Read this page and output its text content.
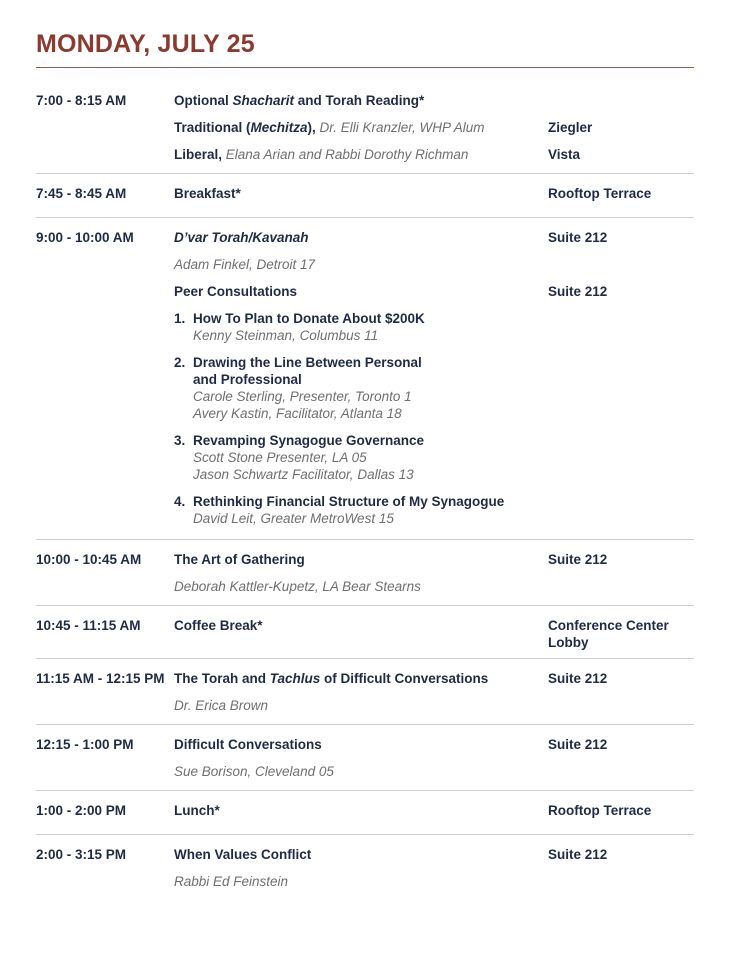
MONDAY, JULY 25
7:00 - 8:15 AM	Optional Shacharit and Torah Reading*
Traditional (Mechitza), Dr. Elli Kranzler, WHP Alum	Ziegler
Liberal, Elana Arian and Rabbi Dorothy Richman	Vista
7:45 - 8:45 AM	Breakfast*	Rooftop Terrace
9:00 - 10:00 AM	D’var Torah/Kavanah	Suite 212
Adam Finkel, Detroit 17
Peer Consultations	Suite 212
1. How To Plan to Donate About $200K
Kenny Steinman, Columbus 11
2. Drawing the Line Between Personal
and Professional
Carole Sterling, Presenter, Toronto 1
Avery Kastin, Facilitator, Atlanta 18
3. Revamping Synagogue Governance
Scott Stone Presenter, LA 05
Jason Schwartz Facilitator, Dallas 13
4. Rethinking Financial Structure of My Synagogue
David Leit, Greater MetroWest 15
10:00 - 10:45 AM	The Art of Gathering	Suite 212
Deborah Kattler-Kupetz, LA Bear Stearns
10:45 - 11:15 AM	Coffee Break*	Conference Center Lobby
11:15 AM - 12:15 PM The Torah and Tachlus of Difficult Conversations	Suite 212
Dr. Erica Brown
12:15 - 1:00 PM	Difficult Conversations	Suite 212
Sue Borison, Cleveland 05
1:00 - 2:00 PM	Lunch*	Rooftop Terrace
2:00 - 3:15 PM	When Values Conflict	Suite 212
Rabbi Ed Feinstein
